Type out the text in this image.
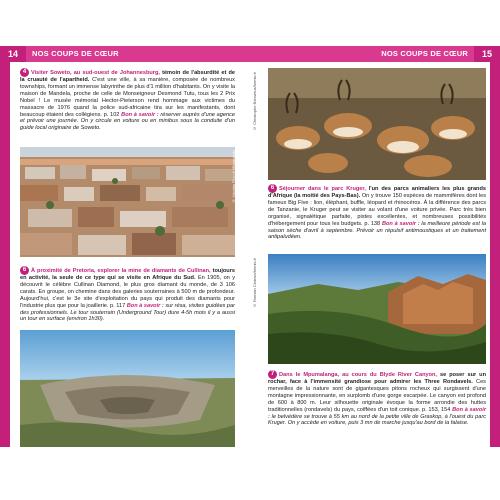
14	NOS COUPS DE CŒUR
4 Visiter Soweto, au sud-ouest de Johannesburg, témoin de l'absurdité et de la cruauté de l'apartheid. C'est une ville, à sa manière, composée de nombreux townships, formant un immense labyrinthe de plus d'1 million d'habitants. On y visite la maison de Mandela, proche de celle de Monseigneur Desmond Tutu, tous les 2 Prix Nobel ! Le musée mémorial Hector-Pieterson rend hommage aux victimes du massacre de 1976 quand la police sud-africaine tira sur les manifestants, dont beaucoup étaient des collégiens. p. 102 Bon à savoir : réserver auprès d'une agence et prévoir une journée. On y circule en voiture ou en minibus sous la conduite d'un guide local originaire de Soweto.
© Nicolas Riondet/Bourgeois
6 À proximité de Pretoria, explorer la mine de diamants de Cullinan, toujours en activité, la seule de ce type qui se visite en Afrique du Sud. En 1905, on y découvrit le célèbre Cullinan Diamond, le plus gros diamant du monde, de 3 106 carats. En groupe, on chemine dans des galeries souterraines à 500 m de profondeur. Aujourd'hui, c'est le 3e site d'exploitation du pays qui produit des diamants pour l'industrie plus que pour la joaillerie. p. 117 Bon à savoir : sur résa, visites guidées par des professionnels. Le tour souterrain (Underground Tour) dure 4-5h mois il y a aussi un tour en surface (environ 1h30).
15
NOS COUPS DE CŒUR
© Christophe Boisvieux/hemis.fr
6 Séjourner dans le parc Kruger, l'un des parcs animaliers les plus grands d'Afrique (la moitié des Pays-Bas). On y trouve 150 espèces de mammifères dont les fameux Big Five : lion, éléphant, buffle, léopard et rhinocéros. À la différence des parcs de Tanzanie, le Kruger peut se visiter au volant d'une voiture privée. Parc très bien organisé, signalétique parfaite, pistes excellentes, et nombreuses possibilités d'hébergement pour tous les budgets. p. 138 Bon à savoir : la meilleure période est la saison sèche d'avril à septembre. Prévoir un répulsif antimoustiques et un traitement antipaludéen.
© Romain Cintract/hemis.fr
7 Dans le Mpumalanga, au cours du Blyde River Canyon, se poser sur un rochar, face à l'immensité grandiose pour admirer les Three Rondavels. Ces merveilles de la nature sont de gigantesques pitons rocheux qui surgissent d'une montagne impressionnante, en surplomb d'une gorge escarpée. Le canyon est profond de 600 à 800 m. Leur silhouette originale évoque la forme arrondie des huttes traditionnelles (rondavels) du pays, coiffées d'un toit conique. p. 153, 154 Bon à savoir : le belvédère se trouve à 55 km au nord de la petite ville de Graskop, à l'ouest du parc Kruger. On y accède en voiture, puis 3 mn de marche jusqu'au bord de la falaise.
